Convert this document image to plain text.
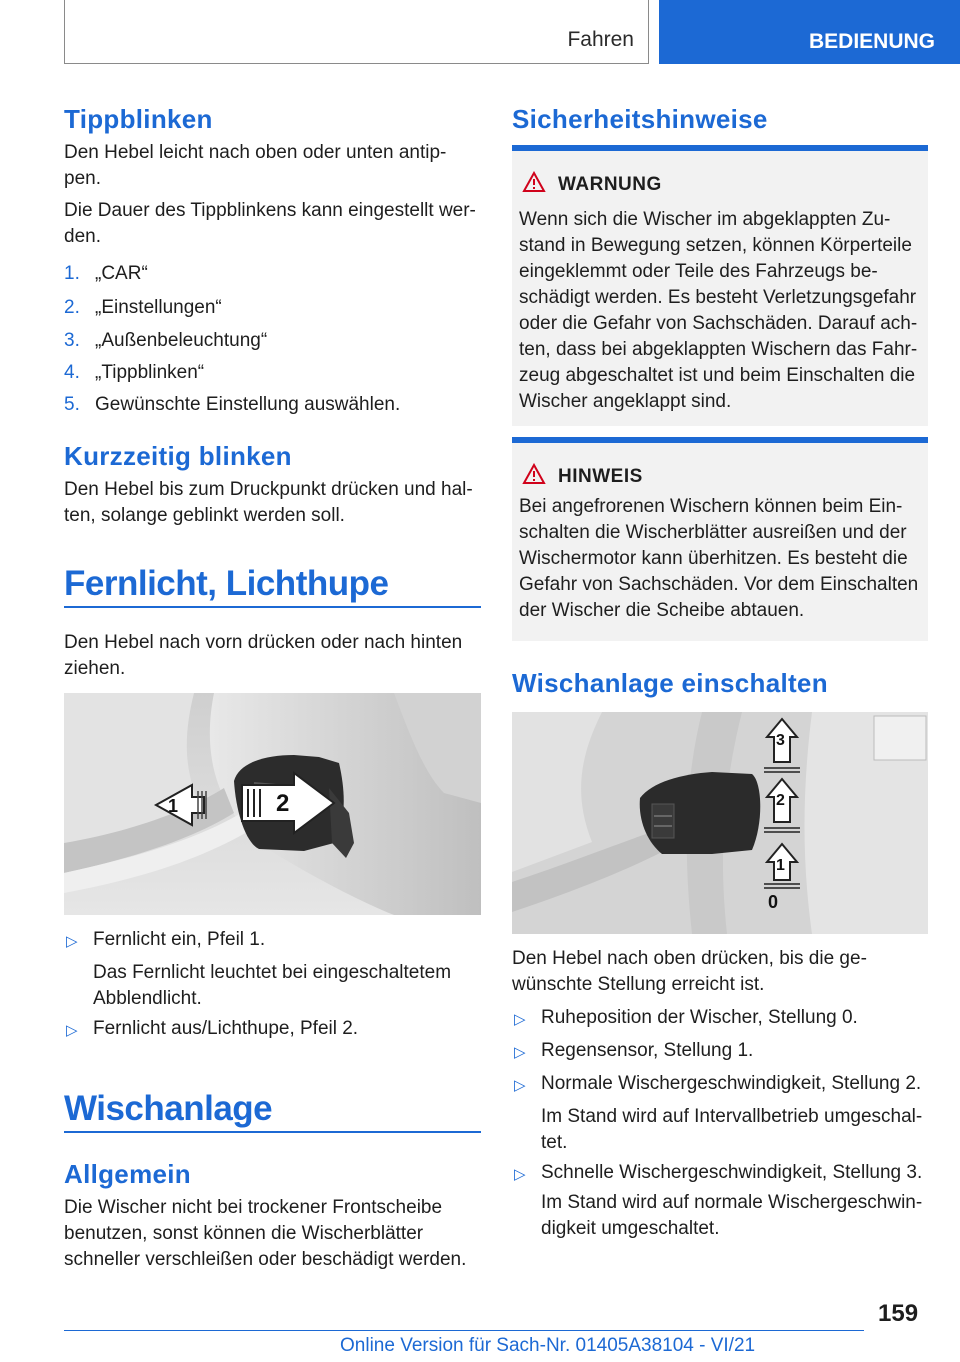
Fahren	BEDIENUNG
Tippblinken
Den Hebel leicht nach oben oder unten antip-
pen.
Die Dauer des Tippblinkens kann eingestellt wer-
den.
1. „CAR“
2. „Einstellungen“
3. „Außenbeleuchtung“
4. „Tippblinken“
5. Gewünschte Einstellung auswählen.
Kurzzeitig blinken
Den Hebel bis zum Druckpunkt drücken und hal-
ten, solange geblinkt werden soll.
Fernlicht, Lichthupe
Den Hebel nach vorn drücken oder nach hinten
ziehen.
2
1
▷ Fernlicht ein, Pfeil 1.
Das Fernlicht leuchtet bei eingeschaltetem
Abblendlicht.
▷ Fernlicht aus/Lichthupe, Pfeil 2.
Wischanlage
Allgemein
Die Wischer nicht bei trockener Frontscheibe
benutzen, sonst können die Wischerblätter
schneller verschleißen oder beschädigt werden.
Sicherheitshinweise
WARNUNG
Wenn sich die Wischer im abgeklappten Zu-
stand in Bewegung setzen, können Körperteile
eingeklemmt oder Teile des Fahrzeugs be-
schädigt werden. Es besteht Verletzungsgefahr
oder die Gefahr von Sachschäden. Darauf ach-
ten, dass bei abgeklappten Wischern das Fahr-
zeug abgeschaltet ist und beim Einschalten die
Wischer angeklappt sind.
HINWEIS
Bei angefrorenen Wischern können beim Ein-
schalten die Wischerblätter ausreißen und der
Wischermotor kann überhitzen. Es besteht die
Gefahr von Sachschäden. Vor dem Einschalten
der Wischer die Scheibe abtauen.
Wischanlage einschalten
3
2
1
0
Den Hebel nach oben drücken, bis die ge-
wünschte Stellung erreicht ist.
▷ Ruheposition der Wischer, Stellung 0.
▷ Regensensor, Stellung 1.
▷ Normale Wischergeschwindigkeit, Stellung 2.
Im Stand wird auf Intervallbetrieb umgeschal-
tet.
▷ Schnelle Wischergeschwindigkeit, Stellung 3.
Im Stand wird auf normale Wischergeschwin-
digkeit umgeschaltet.
159
Online Version für Sach-Nr. 01405A38104 - VI/21
